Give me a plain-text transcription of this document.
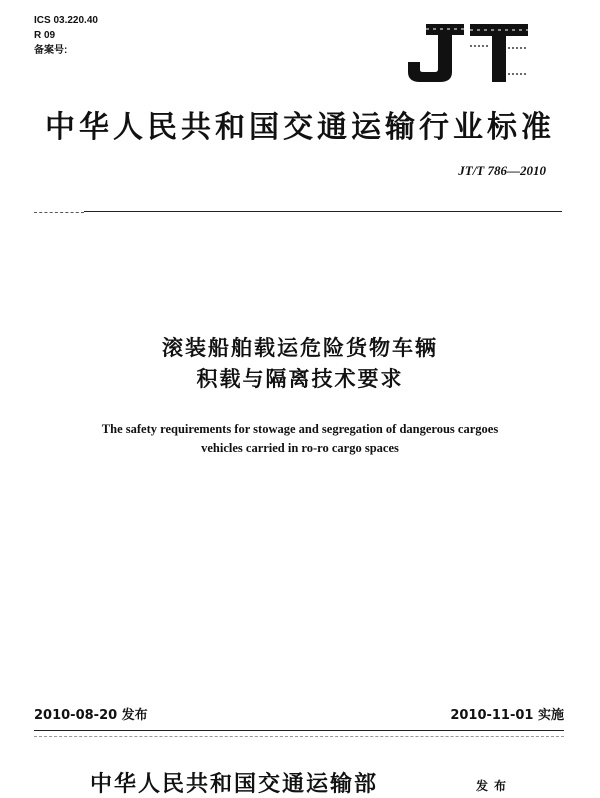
ICS 03.220.40
R 09
备案号:
中华人民共和国交通运输行业标准
JT/T 786—2010
滚装船舶载运危险货物车辆
积载与隔离技术要求
The safety requirements for stowage and segregation of dangerous cargoes
vehicles carried in ro-ro cargo spaces
2010-08-20 发布	2010-11-01 实施
中华人民共和国交通运输部	发布
